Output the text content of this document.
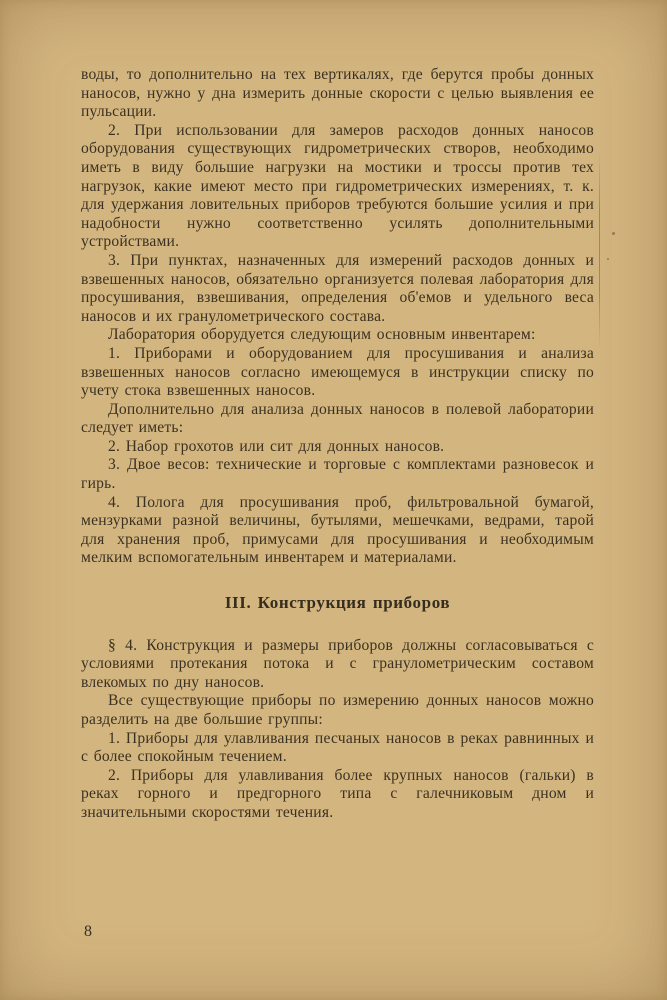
воды, то дополнительно на тех вертикалях, где берутся пробы донных наносов, нужно у дна измерить донные скорости с целью выявления ее пульсации.

2. При использовании для замеров расходов донных наносов оборудования существующих гидрометрических створов, необходимо иметь в виду большие нагрузки на мостики и троссы против тех нагрузок, какие имеют место при гидрометрических измерениях, т. к. для удержания ловительных приборов требуются большие усилия и при надобности нужно соответственно усилять дополнительными устройствами.

3. При пунктах, назначенных для измерений расходов донных и взвешенных наносов, обязательно организуется полевая лаборатория для просушивания, взвешивания, определения об'емов и удельного веса наносов и их гранулометрического состава.

Лаборатория оборудуется следующим основным инвентарем:

1. Приборами и оборудованием для просушивания и анализа взвешенных наносов согласно имеющемуся в инструкции списку по учету стока взвешенных наносов.

Дополнительно для анализа донных наносов в полевой лаборатории следует иметь:

2. Набор грохотов или сит для донных наносов.

3. Двое весов: технические и торговые с комплектами разновесок и гирь.

4. Полога для просушивания проб, фильтровальной бумагой, мензурками разной величины, бутылями, мешечками, ведрами, тарой для хранения проб, примусами для просушивания и необходимым мелким вспомогательным инвентарем и материалами.

III. Конструкция приборов

§ 4. Конструкция и размеры приборов должны согласовываться с условиями протекания потока и с гранулометрическим составом влекомых по дну наносов.

Все существующие приборы по измерению донных наносов можно разделить на две большие группы:

1. Приборы для улавливания песчаных наносов в реках равнинных и с более спокойным течением.

2. Приборы для улавливания более крупных наносов (гальки) в реках горного и предгорного типа с галечниковым дном и значительными скоростями течения.

8
